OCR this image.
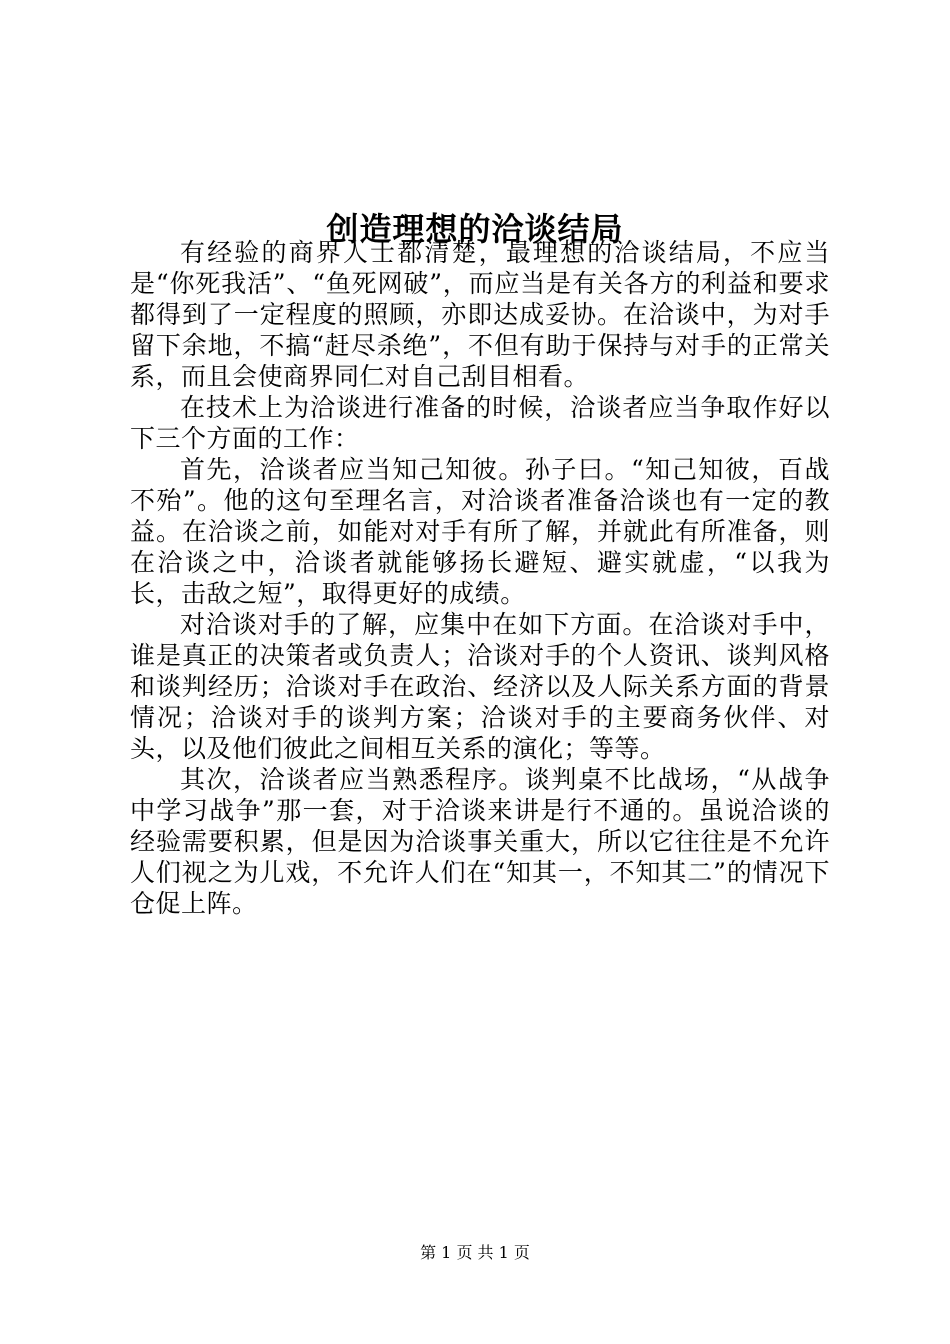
创造理想的洽谈结局

有经验的商界人士都清楚，最理想的洽谈结局，不应当是“你死我活”、“鱼死网破”，而应当是有关各方的利益和要求都得到了一定程度的照顾，亦即达成妥协。在洽谈中，为对手留下余地，不搞“赶尽杀绝”，不但有助于保持与对手的正常关系，而且会使商界同仁对自己刮目相看。

在技术上为洽谈进行准备的时候，洽谈者应当争取作好以下三个方面的工作：

首先，洽谈者应当知己知彼。孙子曰。“知己知彼，百战不殆”。他的这句至理名言，对洽谈者准备洽谈也有一定的教益。在洽谈之前，如能对对手有所了解，并就此有所准备，则在洽谈之中，洽谈者就能够扬长避短、避实就虚，“以我为长，击敌之短”，取得更好的成绩。

对洽谈对手的了解，应集中在如下方面。在洽谈对手中，谁是真正的决策者或负责人；洽谈对手的个人资讯、谈判风格和谈判经历；洽谈对手在政治、经济以及人际关系方面的背景情况；洽谈对手的谈判方案；洽谈对手的主要商务伙伴、对头，以及他们彼此之间相互关系的演化；等等。

其次，洽谈者应当熟悉程序。谈判桌不比战场，“从战争中学习战争”那一套，对于洽谈来讲是行不通的。虽说洽谈的经验需要积累，但是因为洽谈事关重大，所以它往往是不允许人们视之为儿戏，不允许人们在“知其一，不知其二”的情况下仓促上阵。

第 1 页 共 1 页
